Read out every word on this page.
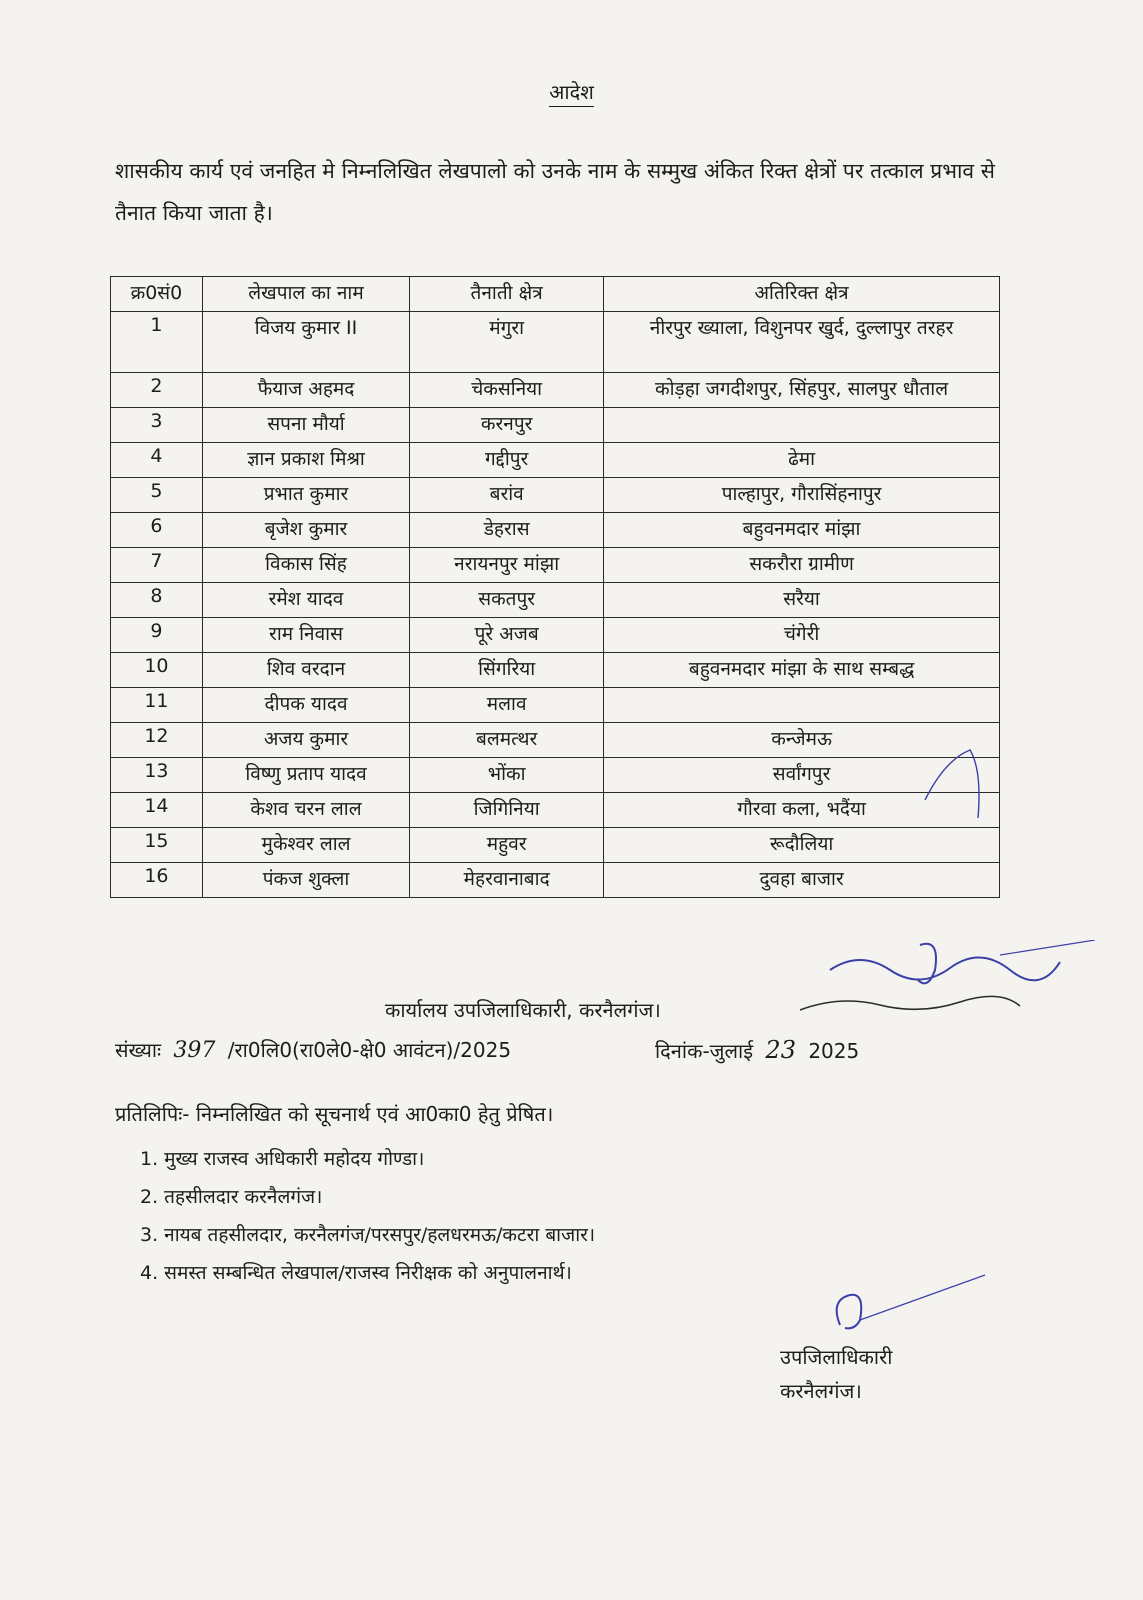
आदेश
शासकीय कार्य एवं जनहित मे निम्नलिखित लेखपालो को उनके नाम के सम्मुख अंकित रिक्त क्षेत्रों पर तत्काल प्रभाव से तैनात किया जाता है।
क्र0सं0	लेखपाल का नाम	तैनाती क्षेत्र	अतिरिक्त क्षेत्र
1	विजय कुमार II	मंगुरा	नीरपुर ख्याला, विशुनपर खुर्द, दुल्लापुर तरहर
2	फैयाज अहमद	चेकसनिया	कोड़हा जगदीशपुर, सिंहपुर, सालपुर धौताल
3	सपना मौर्या	करनपुर	
4	ज्ञान प्रकाश मिश्रा	गद्दीपुर	ढेमा
5	प्रभात कुमार	बरांव	पाल्हापुर, गौरासिंहनापुर
6	बृजेश कुमार	डेहरास	बहुवनमदार मांझा
7	विकास सिंह	नरायनपुर मांझा	सकरौरा ग्रामीण
8	रमेश यादव	सकतपुर	सरैया
9	राम निवास	पूरे अजब	चंगेरी
10	शिव वरदान	सिंगरिया	बहुवनमदार मांझा के साथ सम्बद्ध
11	दीपक यादव	मलाव	
12	अजय कुमार	बलमत्थर	कन्जेमऊ
13	विष्णु प्रताप यादव	भोंका	सर्वांगपुर
14	केशव चरन लाल	जिगिनिया	गौरवा कला, भदैंया
15	मुकेश्वर लाल	महुवर	रूदौलिया
16	पंकज शुक्ला	मेहरवानाबाद	दुवहा बाजार
कार्यालय उपजिलाधिकारी, करनैलगंज।
संख्याः 397 /रा0लि0(रा0ले0-क्षे0 आवंटन)/2025	दिनांक-जुलाई 23 2025
प्रतिलिपिः- निम्नलिखित को सूचनार्थ एवं आ0का0 हेतु प्रेषित।
1. मुख्य राजस्व अधिकारी महोदय गोण्डा।
2. तहसीलदार करनैलगंज।
3. नायब तहसीलदार, करनैलगंज/परसपुर/हलधरमऊ/कटरा बाजार।
4. समस्त सम्बन्धित लेखपाल/राजस्व निरीक्षक को अनुपालनार्थ।
उपजिलाधिकारी
करनैलगंज।
